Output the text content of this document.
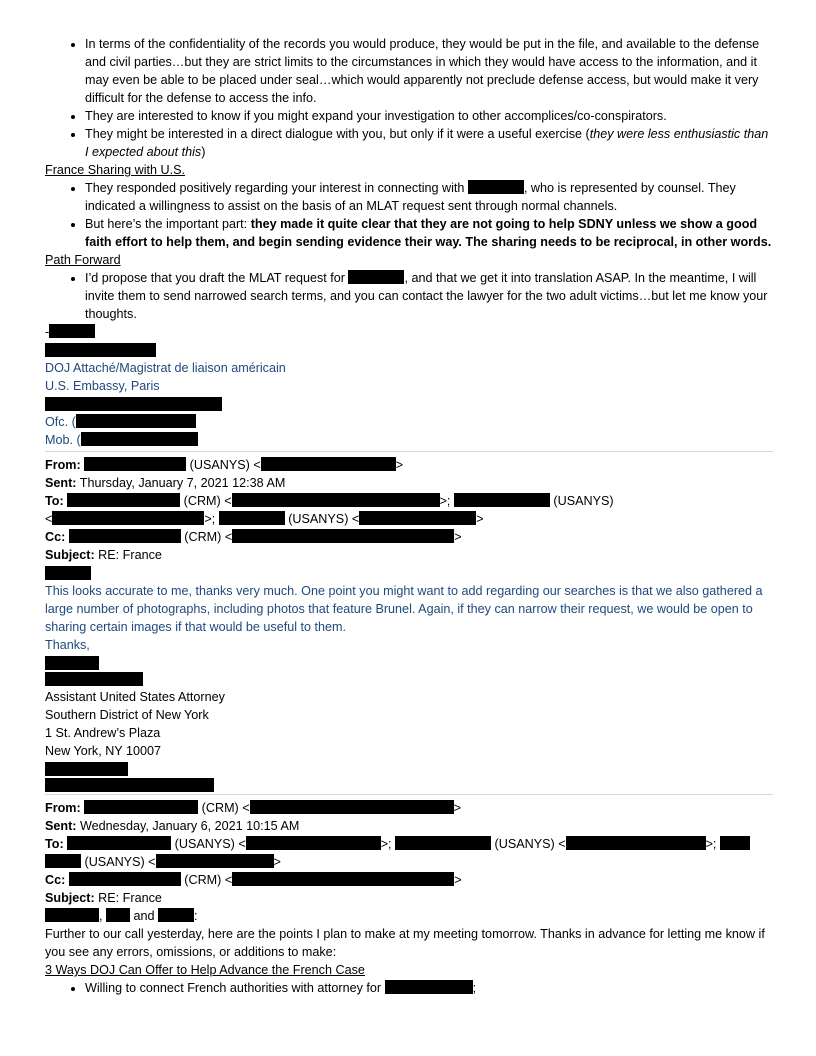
• In terms of the confidentiality of the records you would produce, they would be put in the file, and available to the defense and civil parties…but they are strict limits to the circumstances in which they would have access to the information, and it may even be able to be placed under seal…which would apparently not preclude defense access, but would make it very difficult for the defense to access the info.
• They are interested to know if you might expand your investigation to other accomplices/co-conspirators.
• They might be interested in a direct dialogue with you, but only if it were a useful exercise (they were less enthusiastic than I expected about this)

France Sharing with U.S.

• They responded positively regarding your interest in connecting with	, who is represented by counsel. They indicated a willingness to assist on the basis of an MLAT request sent through normal channels.
• But here’s the important part: they made it quite clear that they are not going to help SDNY unless we show a good faith effort to help them, and begin sending evidence their way. The sharing needs to be reciprocal, in other words.

Path Forward

• I’d propose that you draft the MLAT request for	, and that we get it into translation ASAP. In the meantime, I will invite them to send narrowed search terms, and you can contact the lawyer for the two adult victims…but let me know your thoughts.

-

DOJ Attaché/Magistrat de liaison américain

U.S. Embassy, Paris

Ofc. (

Mob. (

From:	(USANYS) <	>

Sent: Thursday, January 7, 2021 12:38 AM

To:	(CRM) <	>;	(USANYS)

<	>;	(USANYS) <	>

Cc:	(CRM) <	>

Subject: RE: France

This looks accurate to me, thanks very much. One point you might want to add regarding our searches is that we also gathered a large number of photographs, including photos that feature Brunel. Again, if they can narrow their request, we would be open to sharing certain images if that would be useful to them.

Thanks,

Assistant United States Attorney

Southern District of New York

1 St. Andrew’s Plaza

New York, NY 10007

From:	(CRM) <	>

Sent: Wednesday, January 6, 2021 10:15 AM

To:	(USANYS) <	>;	(USANYS) <	>;

(USANYS) <	>

Cc:	(CRM) <	>

Subject: RE: France

,  and	:

Further to our call yesterday, here are the points I plan to make at my meeting tomorrow. Thanks in advance for letting me know if you see any errors, omissions, or additions to make:

3 Ways DOJ Can Offer to Help Advance the French Case

• Willing to connect French authorities with attorney for	;
